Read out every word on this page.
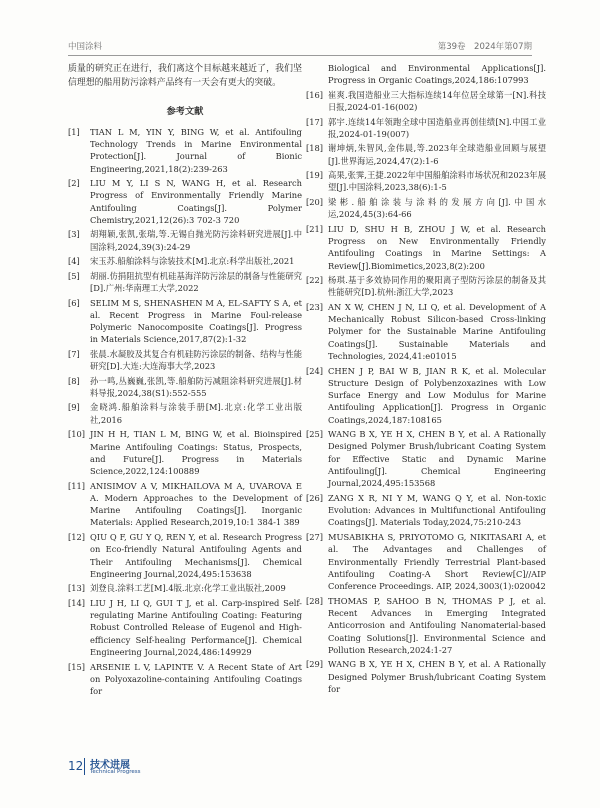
中国涂料	第39卷　2024年第07期

质量的研究正在进行，我们离这个目标越来越近了，我们坚信理想的船用防污涂料产品终有一天会有更大的突破。

参考文献
[1]	TIAN L M, YIN Y, BING W, et al. Antifouling Technology Trends in Marine Environmental Protection[J]. Journal of Bionic Engineering,2021,18(2):239-263
[2]	LIU M Y, LI S N, WANG H, et al. Research Progress of Environmentally Friendly Marine Antifouling Coatings[J]. Polymer Chemistry,2021,12(26):3 702-3 720
[3]	胡翔颖,张凯,张瑞,等.无锡自抛光防污涂料研究进展[J].中国涂料,2024,39(3):24-29
[4]	宋玉苏.船舶涂料与涂装技术[M].北京:科学出版社,2021
[5]	胡丽.仿捐阻抗型有机硅基海洋防污涂层的制备与性能研究[D].广州:华南理工大学,2022
[6]	SELIM M S, SHENASHEN M A, EL-SAFTY S A, et al. Recent Progress in Marine Foul-release Polymeric Nanocomposite Coatings[J]. Progress in Materials Science,2017,87(2):1-32
[7]	张晨.水凝胶及其复合有机硅防污涂层的制备、结构与性能研究[D].大连:大连海事大学,2023
[8]	孙一鸣,丛巍巍,张凯,等.船舶防污减阻涂料研究进展[J].材料导报,2024,38(S1):552-555
[9]	金晓鸿.船舶涂料与涂装手册[M].北京:化学工业出版社,2016
[10] JIN H H, TIAN L M, BING W, et al. Bioinspired Marine Antifouling Coatings: Status, Prospects, and Future[J]. Progress in Materials Science,2022,124:100889
[11] ANISIMOV A V, MIKHAILOVA M A, UVAROVA E A. Modern Approaches to the Development of Marine Antifouling Coatings[J]. Inorganic Materials: Applied Research,2019,10:1 384-1 389
[12] QIU Q F, GU Y Q, REN Y, et al. Research Progress on Eco-friendly Natural Antifouling Agents and Their Antifouling Mechanisms[J]. Chemical Engineering Journal,2024,495:153638
[13] 刘登良.涂料工艺[M].4版.北京:化学工业出版社,2009
[14] LIU J H, LI Q, GUI T J, et al. Carp-inspired Self-regulating Marine Antifouling Coating: Featuring Robust Controlled Release of Eugenol and High-efficiency Self-healing Performance[J]. Chemical Engineering Journal,2024,486:149929
[15] ARSENIE L V, LAPINTE V. A Recent State of Art on Polyoxazoline-containing Antifouling Coatings for
Biological and Environmental Applications[J]. Progress in Organic Coatings,2024,186:107993
[16] 崔爽.我国造船业三大指标连续14年位居全球第一[N].科技日报,2024-01-16(002)
[17] 郭宇.连续14年领跑全球中国造船业再创佳绩[N].中国工业报,2024-01-19(007)
[18] 谢坤炳,朱智风,金伟晨,等.2023年全球造船业回顾与展望[J].世界海运,2024,47(2):1-6
[19] 高果,张霁,王捷.2022年中国船舶涂料市场状况和2023年展望[J].中国涂料,2023,38(6):1-5
[20] 梁彬.船舶涂装与涂料的发展方向[J].中国水运,2024,45(3):64-66
[21] LIU D, SHU H B, ZHOU J W, et al. Research Progress on New Environmentally Friendly Antifouling Coatings in Marine Settings: A Review[J].Biomimetics,2023,8(2):200
[22] 杨琪.基于多效协同作用的聚阳离子型防污涂层的制备及其性能研究[D].杭州:浙江大学,2023
[23] AN X W, CHEN J N, LI Q, et al. Development of A Mechanically Robust Silicon-based Cross-linking Polymer for the Sustainable Marine Antifouling Coatings[J]. Sustainable Materials and Technologies, 2024,41:e01015
[24] CHEN J P, BAI W B, JIAN R K, et al. Molecular Structure Design of Polybenzoxazines with Low Surface Energy and Low Modulus for Marine Antifouling Application[J]. Progress in Organic Coatings,2024,187:108165
[25] WANG B X, YE H X, CHEN B Y, et al. A Rationally Designed Polymer Brush/lubricant Coating System for Effective Static and Dynamic Marine Antifouling[J]. Chemical Engineering Journal,2024,495:153568
[26] ZANG X R, NI Y M, WANG Q Y, et al. Non-toxic Evolution: Advances in Multifunctional Antifouling Coatings[J]. Materials Today,2024,75:210-243
[27] MUSABIKHA S, PRIYOTOMO G, NIKITASARI A, et al. The Advantages and Challenges of Environmentally Friendly Terrestrial Plant-based Antifouling Coating-A Short Review[C]//AIP Conference Proceedings. AIP, 2024,3003(1):020042
[28] THOMAS P, SAHOO B N, THOMAS P J, et al. Recent Advances in Emerging Integrated Anticorrosion and Antifouling Nanomaterial-based Coating Solutions[J]. Environmental Science and Pollution Research,2024:1-27
[29] WANG B X, YE H X, CHEN B Y, et al. A Rationally Designed Polymer Brush/lubricant Coating System for
12 技术进展
Technical Progress
